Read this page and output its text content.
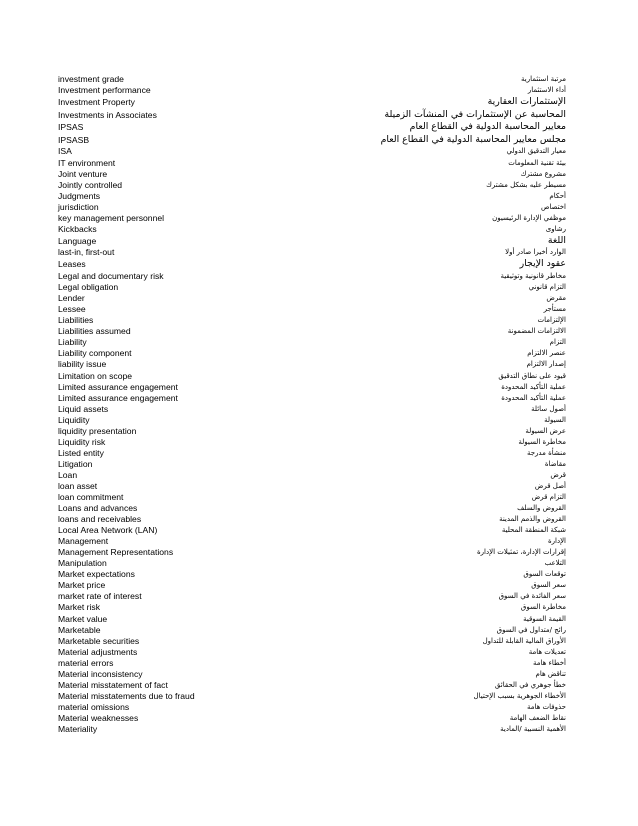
investment grade	مرتبة استثمارية
Investment performance	أداء الاستثمار
Investment Property	الإستثمارات العقارية
Investments in Associates	المحاسبة عن الإستثمارات في المنشآت الزميلة
IPSAS	معايير المحاسبة الدولية في القطاع العام
IPSASB	مجلس معايير المحاسبة الدولية في القطاع العام
ISA	معيار التدقيق الدولي
IT environment	بيئة تقنية المعلومات
Joint venture	مشروع مشترك
Jointly controlled	مسيطر عليه بشكل مشترك
Judgments	أحكام
jurisdiction	اختصاص
key management personnel	موظفي الإدارة الرئيسيون
Kickbacks	رشاوى
Language	اللغة
last-in, first-out	الوارد أخيرا صادر أولا
Leases	عقود الإيجار
Legal and documentary risk	مخاطر قانونية وتوثيقية
Legal obligation	التزام قانوني
Lender	مقرض
Lessee	مستأجر
Liabilities	الإلتزامات
Liabilities assumed	الالتزامات المضمونة
Liability	التزام
Liability component	عنصر الالتزام
liability issue	إصدار الالتزام
Limitation on scope	قيود على نطاق التدقيق
Limited assurance engagement	عملية التأكيد المحدودة
Limited assurance engagement	عملية التأكيد المحدودة
Liquid assets	أصول سائلة
Liquidity	السيولة
liquidity presentation	عرض السيولة
Liquidity risk	مخاطرة السيولة
Listed entity	منشأة مدرجة
Litigation	مقاضاة
Loan	قرض
loan asset	أصل قرض
loan commitment	التزام قرض
Loans and advances	القروض والسلف
loans and receivables	القروض والذمم المدينة
Local Area Network (LAN)	شبكة المنطقة المحلية
Management	الإدارة
Management Representations	إقرارات الإدارة، تمثيلات الإدارة
Manipulation	التلاعب
Market expectations	توقعات السوق
Market price	سعر السوق
market rate of interest	سعر الفائدة في السوق
Market risk	مخاطرة السوق
Market value	القيمة السوقية
Marketable	رائج /متداول في السوق
Marketable securities	الأوراق المالية القابلة للتداول
Material adjustments	تعديلات هامة
material errors	أخطاء هامة
Material inconsistency	تناقض هام
Material misstatement of fact	خطأ جوهري في الحقائق
Material misstatements due to fraud	الأخطاء الجوهرية بسبب الإحتيال
material omissions	حذوفات هامة
Material weaknesses	نقاط الضعف الهامة
Materiality	الأهمية النسبية /المادية
